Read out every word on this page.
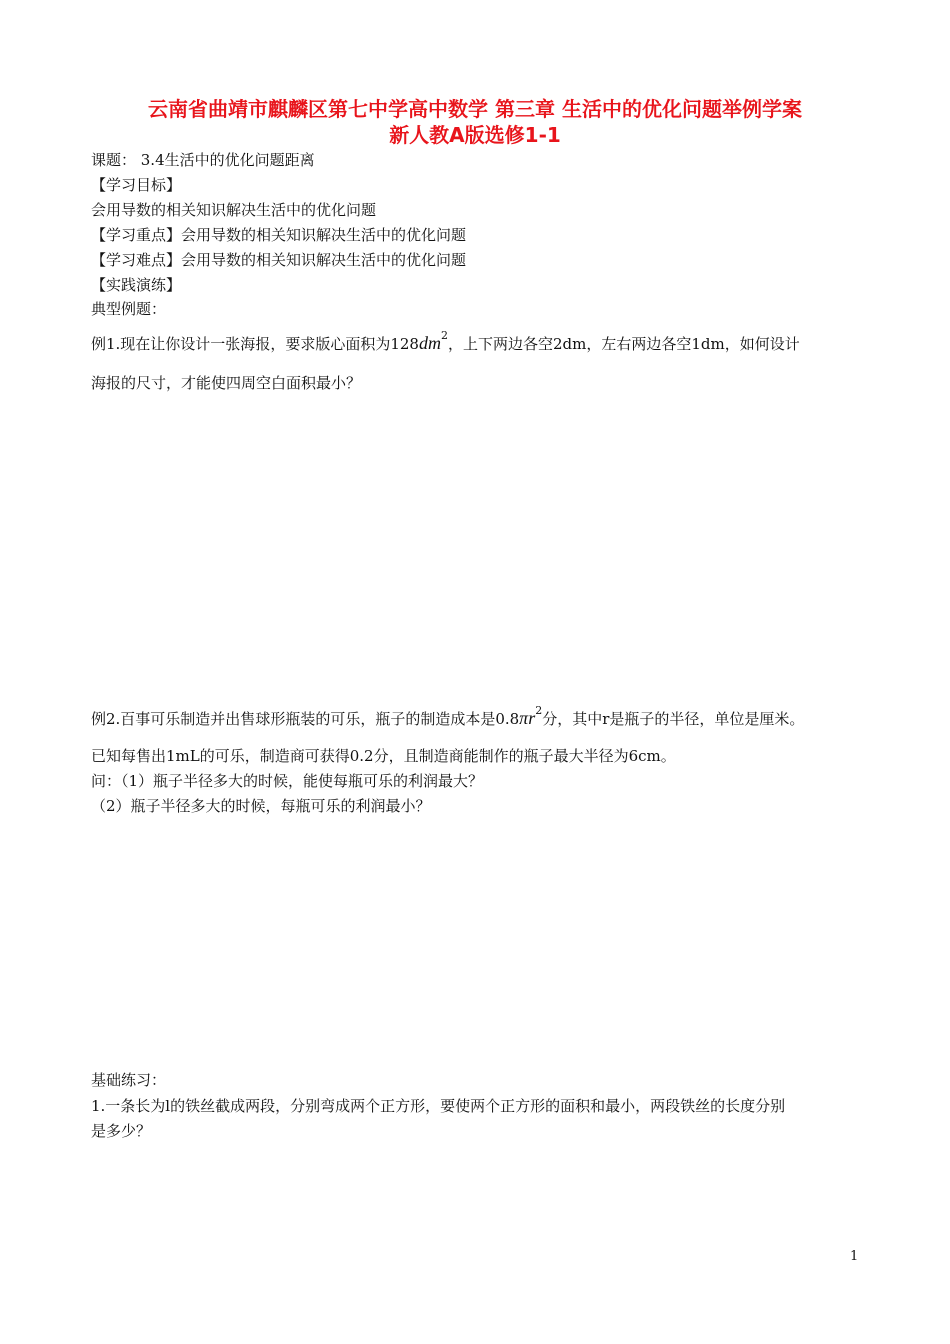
云南省曲靖市麒麟区第七中学高中数学 第三章 生活中的优化问题举例学案
新人教A版选修1-1
课题： 3.4生活中的优化问题距离
【学习目标】
会用导数的相关知识解决生活中的优化问题
【学习重点】会用导数的相关知识解决生活中的优化问题
【学习难点】会用导数的相关知识解决生活中的优化问题
【实践演练】
典型例题：
例1.现在让你设计一张海报，要求版心面积为$128dm^2$，上下两边各空2dm，左右两边各空1dm，如何设计
海报的尺寸，才能使四周空白面积最小？
例2.百事可乐制造并出售球形瓶装的可乐，瓶子的制造成本是$0.8\pi r^2$分，其中r是瓶子的半径，单位是厘米。
已知每售出1mL的可乐，制造商可获得0.2分，且制造商能制作的瓶子最大半径为6cm。
问：（1）瓶子半径多大的时候，能使每瓶可乐的利润最大？
（2）瓶子半径多大的时候，每瓶可乐的利润最小？
基础练习：
1.一条长为l的铁丝截成两段，分别弯成两个正方形，要使两个正方形的面积和最小，两段铁丝的长度分别
是多少？
1
